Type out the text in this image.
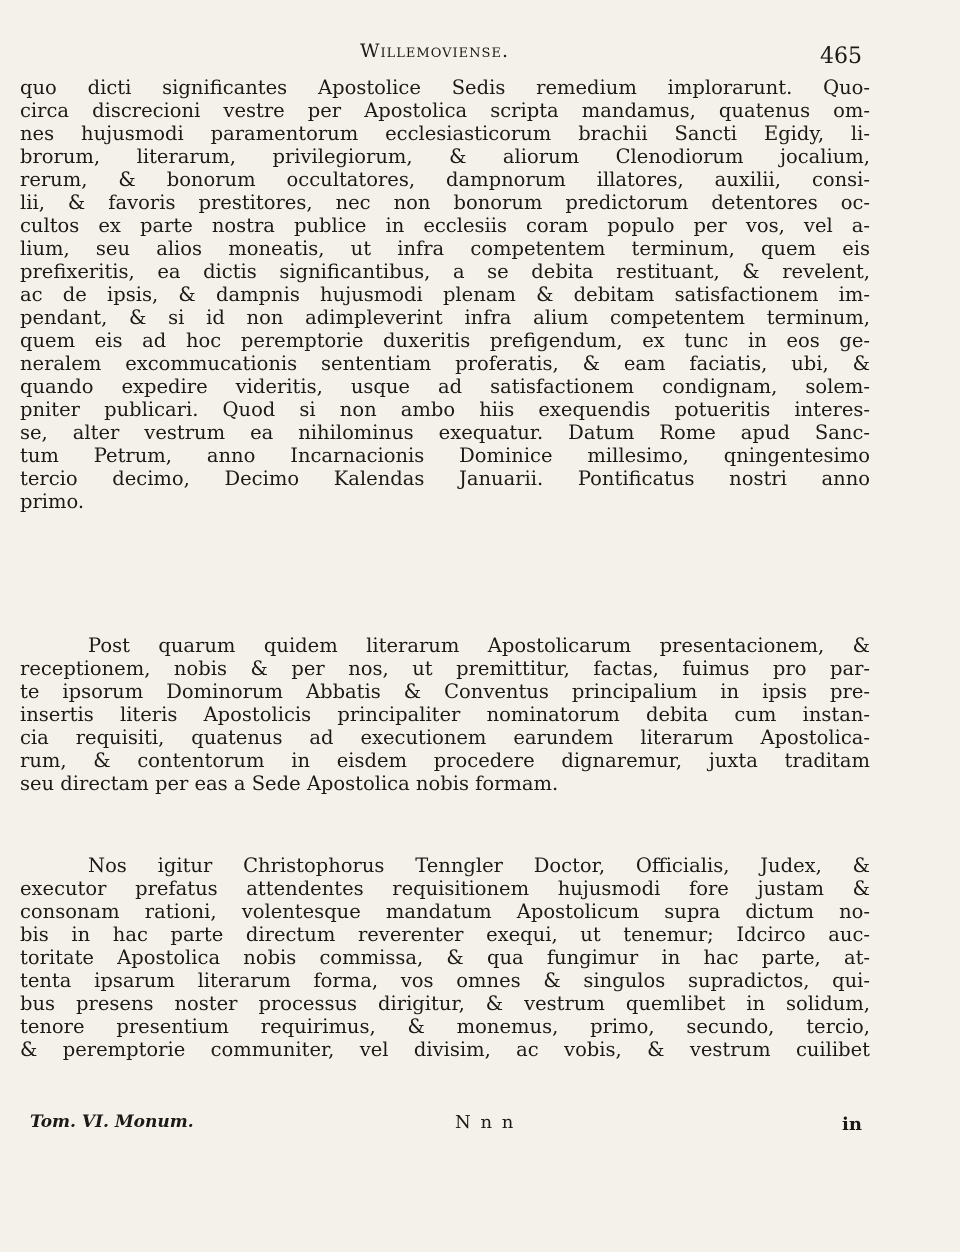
Willemoviense.	465
quo dicti significantes Apostolice Sedis remedium implorarunt. Quo-
circa discrecioni vestre per Apostolica scripta mandamus, quatenus om-
nes hujusmodi paramentorum ecclesiasticorum brachii Sancti Egidy, li-
brorum, literarum, privilegiorum, & aliorum Clenodiorum jocalium,
rerum, & bonorum occultatores, dampnorum illatores, auxilii, consi-
lii, & favoris prestitores, nec non bonorum predictorum detentores oc-
cultos ex parte nostra publice in ecclesiis coram populo per vos, vel a-
lium, seu alios moneatis, ut infra competentem terminum, quem eis
prefixeritis, ea dictis significantibus, a se debita restituant, & revelent,
ac de ipsis, & dampnis hujusmodi plenam & debitam satisfactionem im-
pendant, & si id non adimpleverint infra alium competentem terminum,
quem eis ad hoc peremptorie duxeritis prefigendum, ex tunc in eos ge-
neralem excommucationis sententiam proferatis, & eam faciatis, ubi, &
quando expedire videritis, usque ad satisfactionem condignam, solem-
pniter publicari. Quod si non ambo hiis exequendis potueritis interes-
se, alter vestrum ea nihilominus exequatur. Datum Rome apud Sanc-
tum Petrum, anno Incarnacionis Dominice millesimo, qningentesimo
tercio decimo, Decimo Kalendas Januarii. Pontificatus nostri anno
primo.
Post quarum quidem literarum Apostolicarum presentacionem, &
receptionem, nobis & per nos, ut premittitur, factas, fuimus pro par-
te ipsorum Dominorum Abbatis & Conventus principalium in ipsis pre-
insertis literis Apostolicis principaliter nominatorum debita cum instan-
cia requisiti, quatenus ad executionem earundem literarum Apostolica-
rum, & contentorum in eisdem procedere dignaremur, juxta traditam
seu directam per eas a Sede Apostolica nobis formam.
Nos igitur Christophorus Tenngler Doctor, Officialis, Judex, &
executor prefatus attendentes requisitionem hujusmodi fore justam &
consonam rationi, volentesque mandatum Apostolicum supra dictum no-
bis in hac parte directum reverenter exequi, ut tenemur; Idcirco auc-
toritate Apostolica nobis commissa, & qua fungimur in hac parte, at-
tenta ipsarum literarum forma, vos omnes & singulos supradictos, qui-
bus presens noster processus dirigitur, & vestrum quemlibet in solidum,
tenore presentium requirimus, & monemus, primo, secundo, tercio,
& peremptorie communiter, vel divisim, ac vobis, & vestrum cuilibet
Tom. VI. Monum.	N n n	in
